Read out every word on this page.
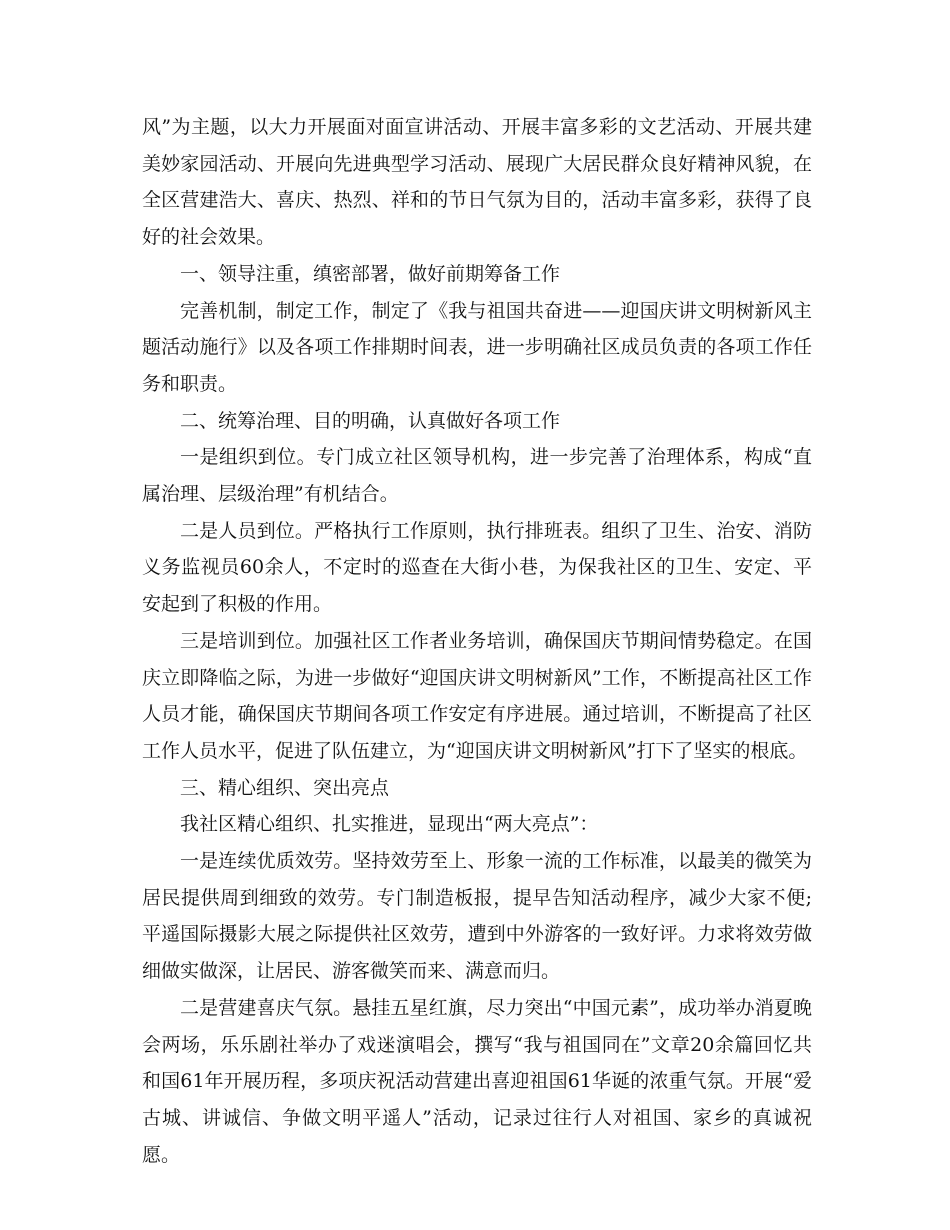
风”为主题，以大力开展面对面宣讲活动、开展丰富多彩的文艺活动、开展共建美妙家园活动、开展向先进典型学习活动、展现广大居民群众良好精神风貌，在全区营建浩大、喜庆、热烈、祥和的节日气氛为目的，活动丰富多彩，获得了良好的社会效果。

一、领导注重，缜密部署，做好前期筹备工作

完善机制，制定工作，制定了《我与祖国共奋进——迎国庆讲文明树新风主题活动施行》以及各项工作排期时间表，进一步明确社区成员负责的各项工作任务和职责。

二、统筹治理、目的明确，认真做好各项工作

一是组织到位。专门成立社区领导机构，进一步完善了治理体系，构成“直属治理、层级治理”有机结合。

二是人员到位。严格执行工作原则，执行排班表。组织了卫生、治安、消防义务监视员60余人，不定时的巡查在大街小巷，为保我社区的卫生、安定、平安起到了积极的作用。

三是培训到位。加强社区工作者业务培训，确保国庆节期间情势稳定。在国庆立即降临之际，为进一步做好“迎国庆讲文明树新风”工作，不断提高社区工作人员才能，确保国庆节期间各项工作安定有序进展。通过培训，不断提高了社区工作人员水平，促进了队伍建立，为“迎国庆讲文明树新风”打下了坚实的根底。

三、精心组织、突出亮点

我社区精心组织、扎实推进，显现出“两大亮点”：

一是连续优质效劳。坚持效劳至上、形象一流的工作标准，以最美的微笑为居民提供周到细致的效劳。专门制造板报，提早告知活动程序，减少大家不便;平遥国际摄影大展之际提供社区效劳，遭到中外游客的一致好评。力求将效劳做细做实做深，让居民、游客微笑而来、满意而归。

二是营建喜庆气氛。悬挂五星红旗，尽力突出“中国元素”，成功举办消夏晚会两场，乐乐剧社举办了戏迷演唱会，撰写“我与祖国同在”文章20余篇回忆共和国61年开展历程，多项庆祝活动营建出喜迎祖国61华诞的浓重气氛。开展“爱古城、讲诚信、争做文明平遥人”活动，记录过往行人对祖国、家乡的真诚祝愿。
